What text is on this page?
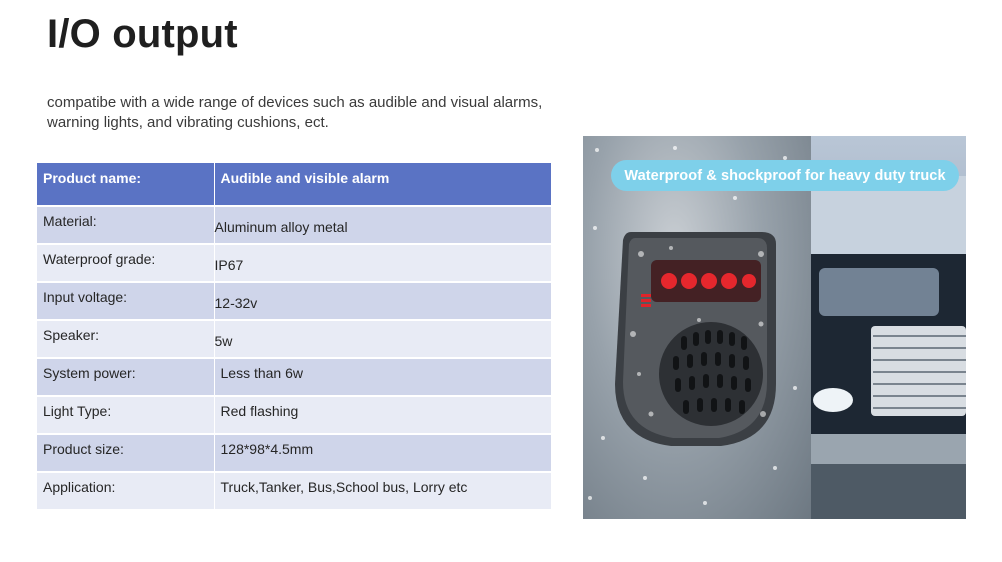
I/O output
compatibe with a wide range of devices such as audible and visual alarms, warning lights, and vibrating cushions, ect.
Product name:	Audible and visible alarm
Material:	Aluminum alloy metal
Waterproof grade:	IP67
Input voltage:	12-32v
Speaker:	5w
System power:	Less than 6w
Light Type:	Red flashing
Product size:	128*98*4.5mm
Application:	Truck,Tanker, Bus,School bus, Lorry etc
Waterproof & shockproof for heavy duty truck
